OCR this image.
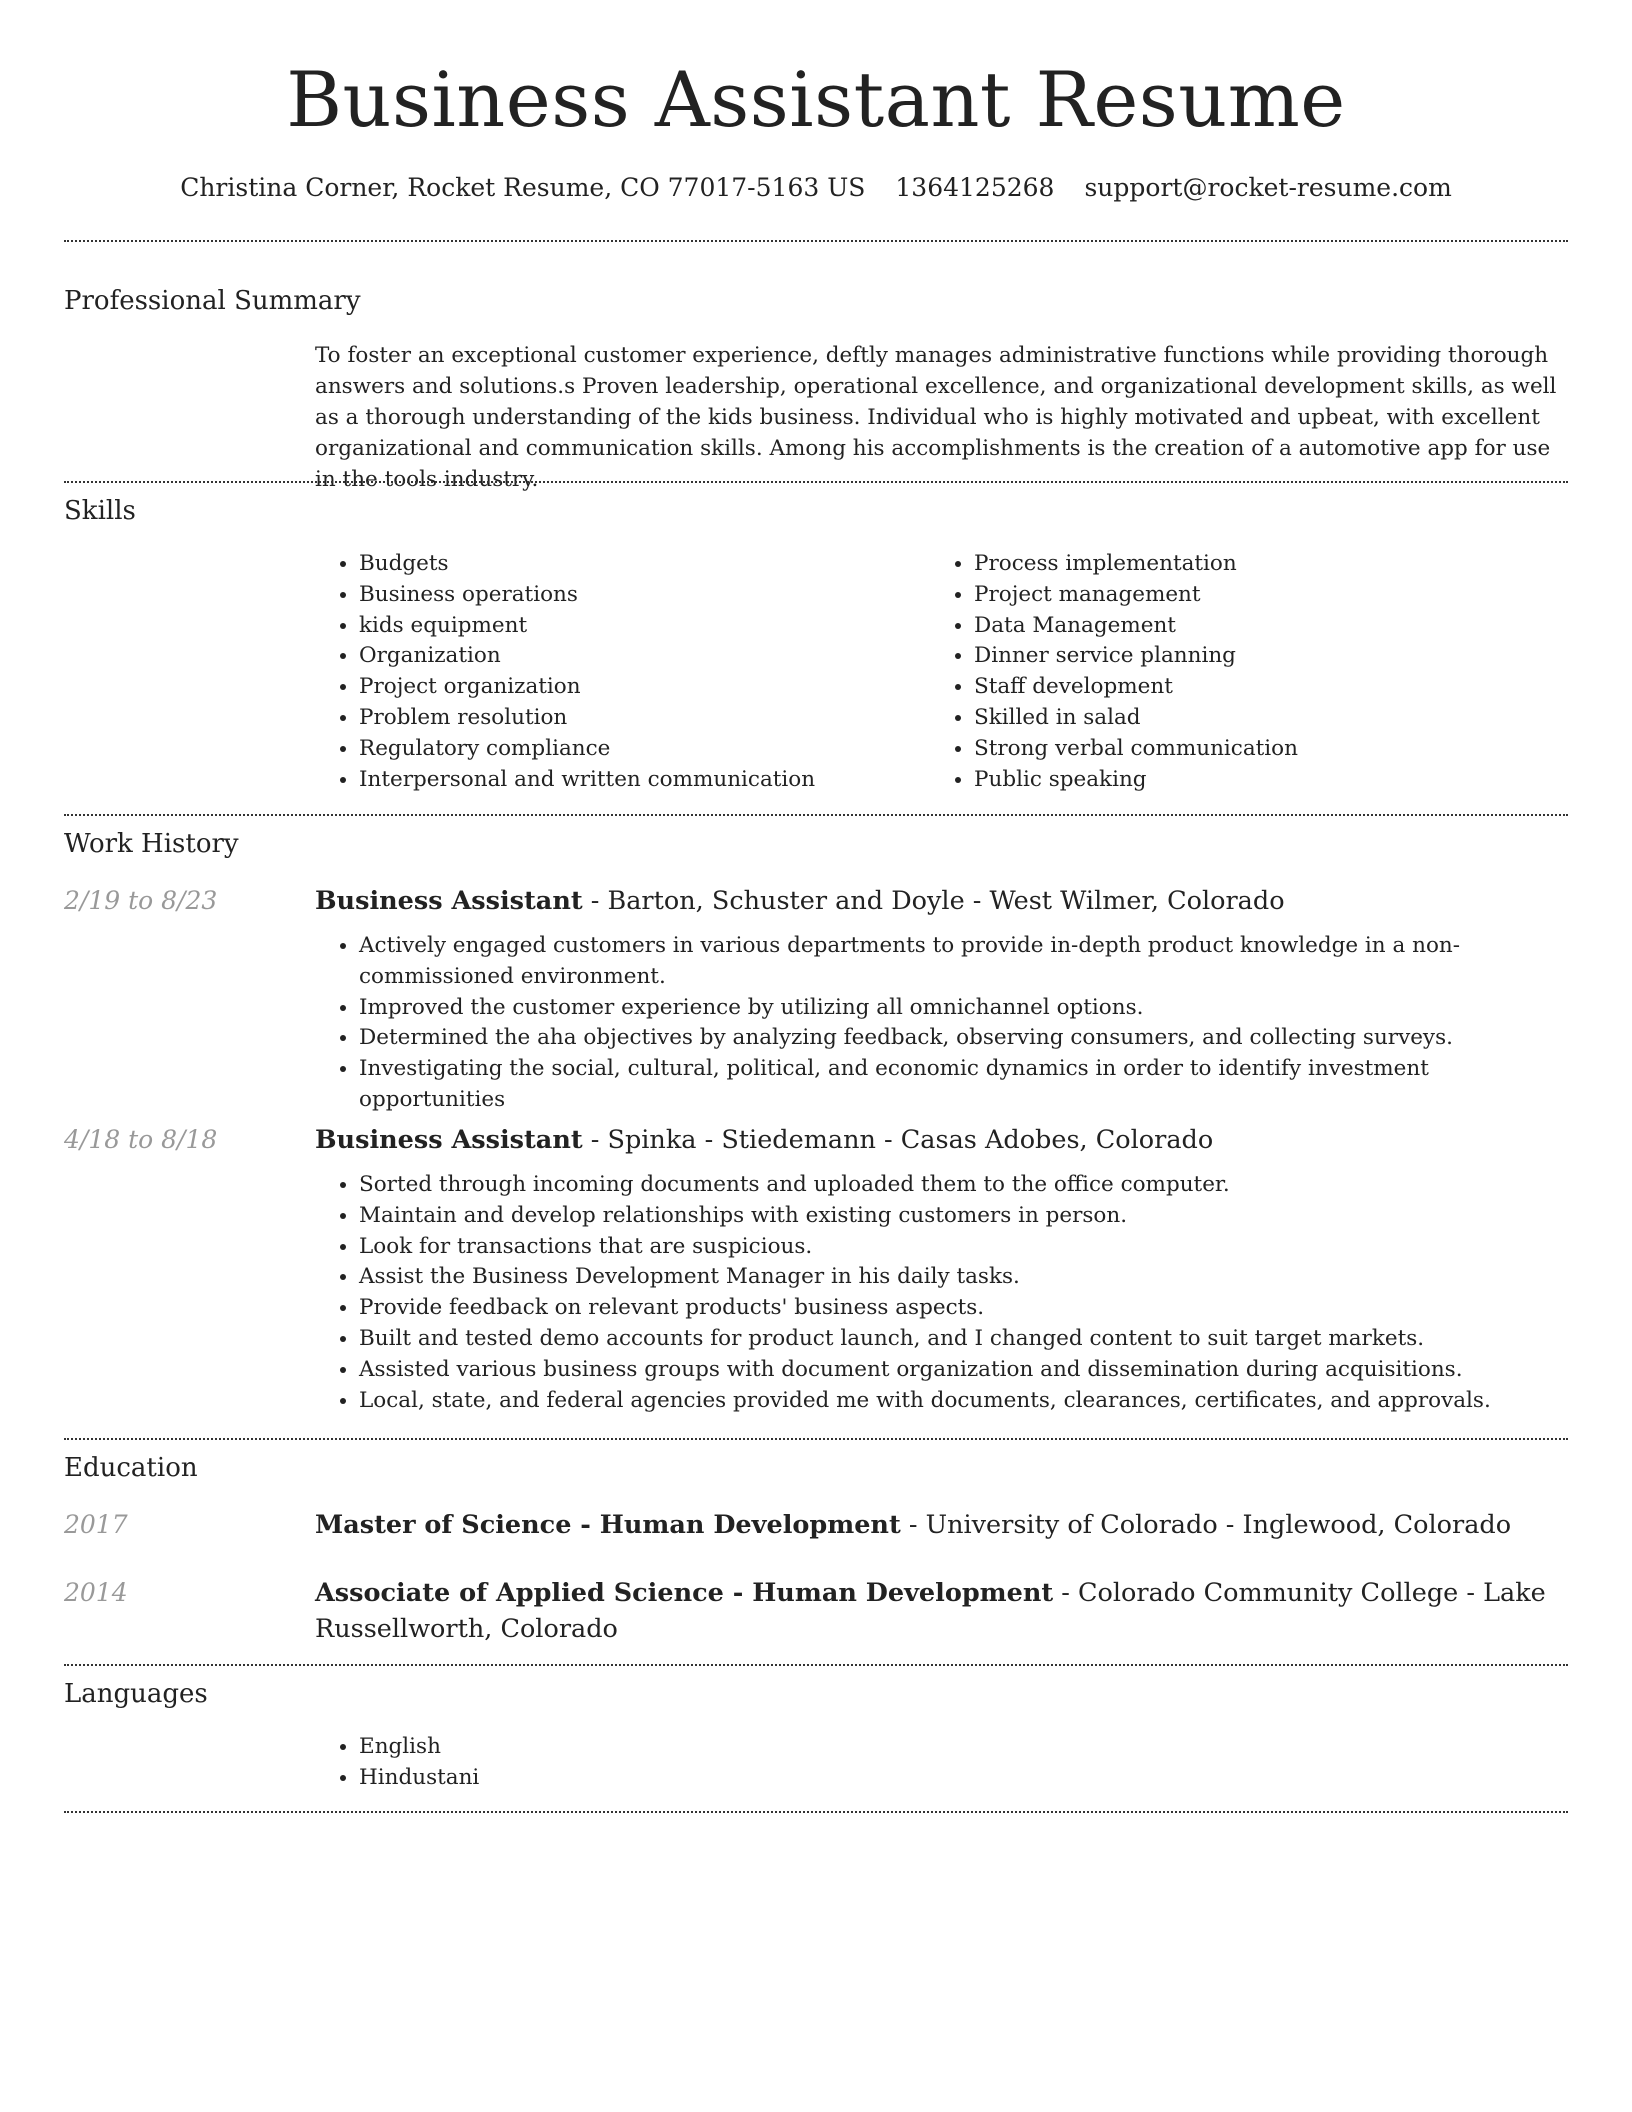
Business Assistant Resume
Christina Corner, Rocket Resume, CO 77017-5163 US 1364125268 support@rocket-resume.com
Professional Summary

To foster an exceptional customer experience, deftly manages administrative functions while providing thorough answers and solutions.s Proven leadership, operational excellence, and organizational development skills, as well as a thorough understanding of the kids business. Individual who is highly motivated and upbeat, with excellent organizational and communication skills. Among his accomplishments is the creation of a automotive app for use in the tools industry.

Skills
• Budgets
• Business operations
• kids equipment
• Organization
• Project organization
• Problem resolution
• Regulatory compliance
• Interpersonal and written communication
• Process implementation
• Project management
• Data Management
• Dinner service planning
• Staff development
• Skilled in salad
• Strong verbal communication
• Public speaking
Work History
2/19 to 8/23	Business Assistant - Barton, Schuster and Doyle - West Wilmer, Colorado
• Actively engaged customers in various departments to provide in-depth product knowledge in a non-commissioned environment.
• Improved the customer experience by utilizing all omnichannel options.
• Determined the aha objectives by analyzing feedback, observing consumers, and collecting surveys.
• Investigating the social, cultural, political, and economic dynamics in order to identify investment opportunities
4/18 to 8/18	Business Assistant - Spinka - Stiedemann - Casas Adobes, Colorado
• Sorted through incoming documents and uploaded them to the office computer.
• Maintain and develop relationships with existing customers in person.
• Look for transactions that are suspicious.
• Assist the Business Development Manager in his daily tasks.
• Provide feedback on relevant products' business aspects.
• Built and tested demo accounts for product launch, and I changed content to suit target markets.
• Assisted various business groups with document organization and dissemination during acquisitions.
• Local, state, and federal agencies provided me with documents, clearances, certificates, and approvals.
Education
2017	Master of Science - Human Development - University of Colorado - Inglewood, Colorado
2014	Associate of Applied Science - Human Development - Colorado Community College - Lake Russellworth, Colorado
Languages
• English
• Hindustani
